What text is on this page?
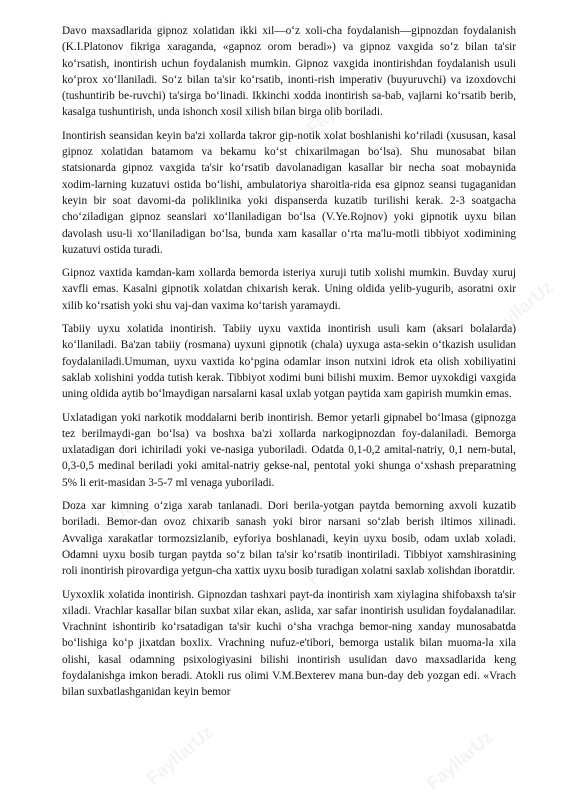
Davo maxsadlarida gipnoz xolatidan ikki xil—o‘z xoli-cha foydalanish—gipnozdan foydalanish (K.I.Platonov fikriga xaraganda, «gapnoz orom beradi») va gipnoz vaxgida so‘z bilan ta'sir ko‘rsatish, inontirish uchun foydalanish mumkin. Gipnoz vaxgida inontirishdan foydalanish usuli ko‘prox xo‘llaniladi. So‘z bilan ta'sir ko‘rsatib, inonti-rish imperativ (buyuruvchi) va izoxdovchi (tushuntirib be-ruvchi) ta'sirga bo‘linadi. Ikkinchi xodda inontirish sa-bab, vajlarni ko‘rsatib berib, kasalga tushuntirish, unda ishonch xosil xilish bilan birga olib boriladi.

Inontirish seansidan keyin ba'zi xollarda takror gip-notik xolat boshlanishi ko‘riladi (xususan, kasal gipnoz xolatidan batamom va bekamu ko‘st chixarilmagan bo‘lsa). Shu munosabat bilan statsionarda gipnoz vaxgida ta'sir ko‘rsatib davolanadigan kasallar bir necha soat mobaynida xodim-larning kuzatuvi ostida bo‘lishi, ambulatoriya sharoitla-rida esa gipnoz seansi tugaganidan keyin bir soat davomi-da poliklinika yoki dispanserda kuzatib turilishi kerak. 2-3 soatgacha cho‘ziladigan gipnoz seanslari xo‘llaniladigan bo‘lsa (V.Ye.Rojnov) yoki gipnotik uyxu bilan davolash usu-li xo‘llaniladigan bo‘lsa, bunda xam kasallar o‘rta ma'lu-motli tibbiyot xodimining kuzatuvi ostida turadi.

Gipnoz vaxtida kamdan-kam xollarda bemorda isteriya xuruji tutib xolishi mumkin. Buvday xuruj xavfli emas. Kasalni gipnotik xolatdan chixarish kerak. Uning oldida yelib-yugurib, asoratni oxir xilib ko‘rsatish yoki shu vaj-dan vaxima ko‘tarish yaramaydi.

Tabiiy uyxu xolatida inontirish. Tabiiy uyxu vaxtida inontirish usuli kam (aksari bolalarda) ko‘llaniladi. Ba'zan tabiiy (rosmana) uyxuni gipnotik (chala) uyxuga asta-sekin o‘tkazish usulidan foydalaniladi.Umuman, uyxu vaxtida ko‘pgina odamlar inson nutxini idrok eta olish xobiliyatini saklab xolishini yodda tutish kerak. Tibbiyot xodimi buni bilishi muxim. Bemor uyxokdigi vaxgida uning oldida aytib bo‘lmaydigan narsalarni kasal uxlab yotgan paytida xam gapirish mumkin emas.

Uxlatadigan yoki narkotik moddalarni berib inontirish. Bemor yetarli gipnabel bo‘lmasa (gipnozga tez berilmaydi-gan bo‘lsa) va boshxa ba'zi xollarda narkogipnozdan foy-dalaniladi. Bemorga uxlatadigan dori ichiriladi yoki ve-nasiga yuboriladi. Odatda 0,1-0,2 amital-natriy, 0,1 nem-butal, 0,3-0,5 medinal beriladi yoki amital-natriy gekse-nal, pentotal yoki shunga o‘xshash preparatning 5% li erit-masidan 3-5-7 ml venaga yuboriladi.

Doza xar kimning o‘ziga xarab tanlanadi. Dori berila-yotgan paytda bemorning axvoli kuzatib boriladi. Bemor-dan ovoz chixarib sanash yoki biror narsani so‘zlab berish iltimos xilinadi. Avvaliga xarakatlar tormozsizlanib, eyforiya boshlanadi, keyin uyxu bosib, odam uxlab xoladi. Odamni uyxu bosib turgan paytda so‘z bilan ta'sir ko‘rsatib inontiriladi. Tibbiyot xamshirasining roli inontirish pirovardiga yetgun-cha xattix uyxu bosib turadigan xolatni saxlab xolishdan iboratdir.

Uyxoxlik xolatida inontirish. Gipnozdan tashxari payt-da inontirish xam xiylagina shifobaxsh ta'sir xiladi. Vrachlar kasallar bilan suxbat xilar ekan, aslida, xar safar inontirish usulidan foydalanadilar. Vrachnint ishontirib ko‘rsatadigan ta'sir kuchi o‘sha vrachga bemor-ning xanday munosabatda bo‘lishiga ko‘p jixatdan boxlix. Vrachning nufuz-e'tibori, bemorga ustalik bilan muoma-la xila olishi, kasal odamning psixologiyasini bilishi inontirish usulidan davo maxsadlarida keng foydalanishga imkon beradi. Atokli rus olimi V.M.Bexterev mana bun-day deb yozgan edi. «Vrach bilan suxbatlashganidan keyin bemor
